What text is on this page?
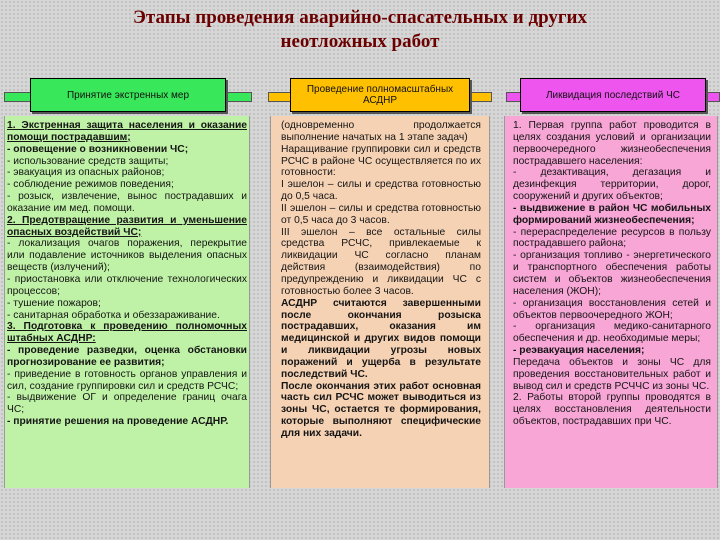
Этапы проведения аварийно-спасательных и других
неотложных работ
Принятие экстренных мер

1. Экстренная защита населения и оказание помощи пострадавшим;

- оповещение о возникновении ЧС;

- использование средств защиты;

- эвакуация из опасных районов;

- соблюдение режимов поведения;

- розыск, извлечение, вынос пострадавших и оказание им мед. помощи.

2. Предотвращение развития и уменьшение опасных воздействий ЧС;

- локализация очагов поражения, перекрытие или подавление источников выделения опасных веществ (излучений);

- приостановка или отключение технологических процессов;

- тушение пожаров;

- санитарная обработка и обеззараживание.

3. Подготовка к проведению полномочных штабных АСДНР:

- проведение разведки, оценка обстановки прогнозирование ее развития;

- приведение в готовность органов управления и сил, создание группировки сил и средств РСЧС;

- выдвижение ОГ и определение границ очага ЧС;

- принятие решения на проведение АСДНР.

Проведение полномасштабных АСДНР

(одновременно продолжается выполнение начатых на 1 этапе задач)

Наращивание группировки сил и средств РСЧС в районе ЧС осуществляется по их готовности:

I эшелон – силы и средства готовностью до 0,5 часа.

II эшелон – силы и средства готовностью от 0,5 часа до 3 часов.

III эшелон – все остальные силы средства РСЧС, привлекаемые к ликвидации ЧС согласно планам действия (взаимодействия) по предупреждению и ликвидации ЧС с готовностью более 3 часов.

АСДНР считаются завершенными после окончания розыска пострадавших, оказания им медицинской и других видов помощи и ликвидации угрозы новых поражений и ущерба в результате последствий ЧС.

После окончания этих работ основная часть сил РСЧС может выводиться из зоны ЧС, остается те формирования, которые выполняют специфические для них задачи.

Ликвидация последствий ЧС

1. Первая группа работ проводится в целях создания условий и организации первоочередного жизнеобеспечения пострадавшего населения:

- дезактивация, дегазация и дезинфекция территории, дорог, сооружений и других объектов;

- выдвижение в район ЧС мобильных формирований жизнеобеспечения;

- перераспределение ресурсов в пользу пострадавшего района;

- организация топливо - энергетического и транспортного обеспечения работы систем и объектов жизнеобеспечения населения (ЖОН);

- организация восстановления сетей и объектов первоочередного ЖОН;

- организация медико-санитарного обеспечения и др. необходимые меры;

- реэвакуация населения;

Передача объектов и зоны ЧС для проведения восстановительных работ и вывод сил и средств РСЧЧС из зоны ЧС.

2. Работы второй группы проводятся в целях восстановления деятельности объектов, пострадавших при ЧС.
